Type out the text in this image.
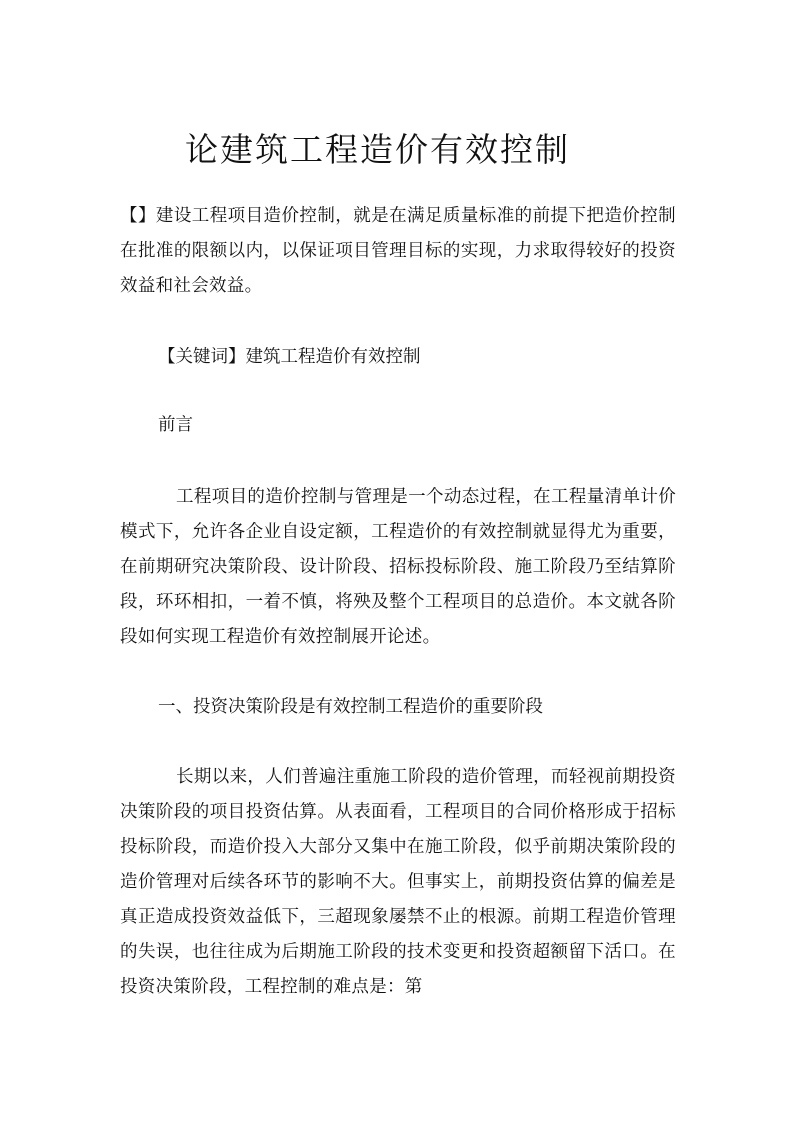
论建筑工程造价有效控制

【】建设工程项目造价控制，就是在满足质量标准的前提下把造价控制在批准的限额以内，以保证项目管理目标的实现，力求取得较好的投资效益和社会效益。

【关键词】建筑工程造价有效控制

前言

工程项目的造价控制与管理是一个动态过程，在工程量清单计价模式下，允许各企业自设定额，工程造价的有效控制就显得尤为重要，在前期研究决策阶段、设计阶段、招标投标阶段、施工阶段乃至结算阶段，环环相扣，一着不慎，将殃及整个工程项目的总造价。本文就各阶段如何实现工程造价有效控制展开论述。

一、投资决策阶段是有效控制工程造价的重要阶段

长期以来，人们普遍注重施工阶段的造价管理，而轻视前期投资决策阶段的项目投资估算。从表面看，工程项目的合同价格形成于招标投标阶段，而造价投入大部分又集中在施工阶段，似乎前期决策阶段的造价管理对后续各环节的影响不大。但事实上，前期投资估算的偏差是真正造成投资效益低下，三超现象屡禁不止的根源。前期工程造价管理的失误，也往往成为后期施工阶段的技术变更和投资超额留下活口。在投资决策阶段，工程控制的难点是：第
